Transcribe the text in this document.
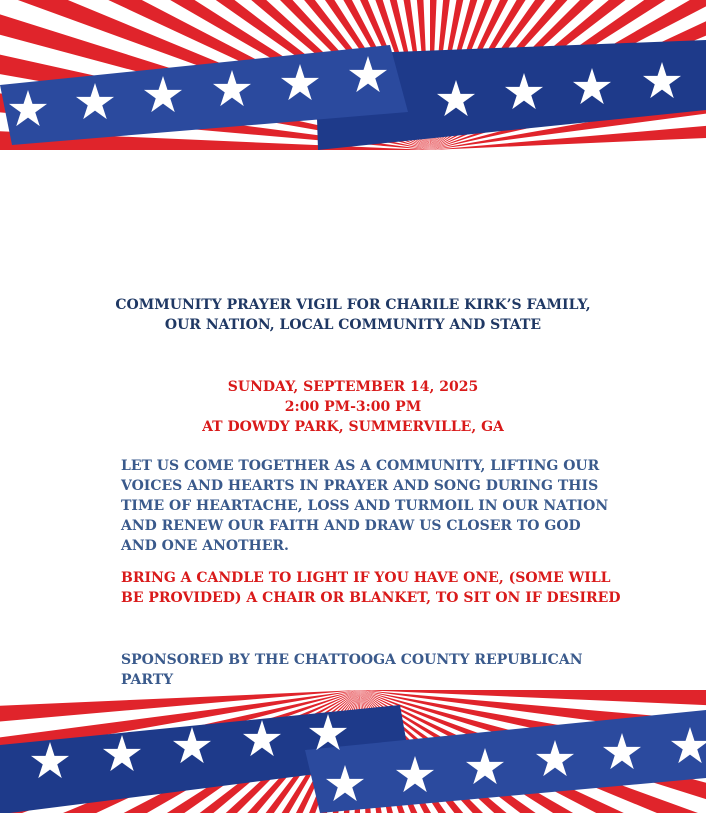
COMMUNITY PRAYER VIGIL FOR CHARILE KIRK’S FAMILY,
OUR NATION, LOCAL COMMUNITY AND STATE

SUNDAY, SEPTEMBER 14, 2025
2:00 PM-3:00 PM
AT DOWDY PARK, SUMMERVILLE, GA

LET US COME TOGETHER AS A COMMUNITY, LIFTING OUR VOICES AND HEARTS IN PRAYER AND SONG DURING THIS TIME OF HEARTACHE, LOSS AND TURMOIL IN OUR NATION AND RENEW OUR FAITH AND DRAW US CLOSER TO GOD AND ONE ANOTHER.

BRING A CANDLE TO LIGHT IF YOU HAVE ONE, (SOME WILL BE PROVIDED) A CHAIR OR BLANKET, TO SIT ON IF DESIRED

SPONSORED BY THE CHATTOOGA COUNTY REPUBLICAN PARTY
